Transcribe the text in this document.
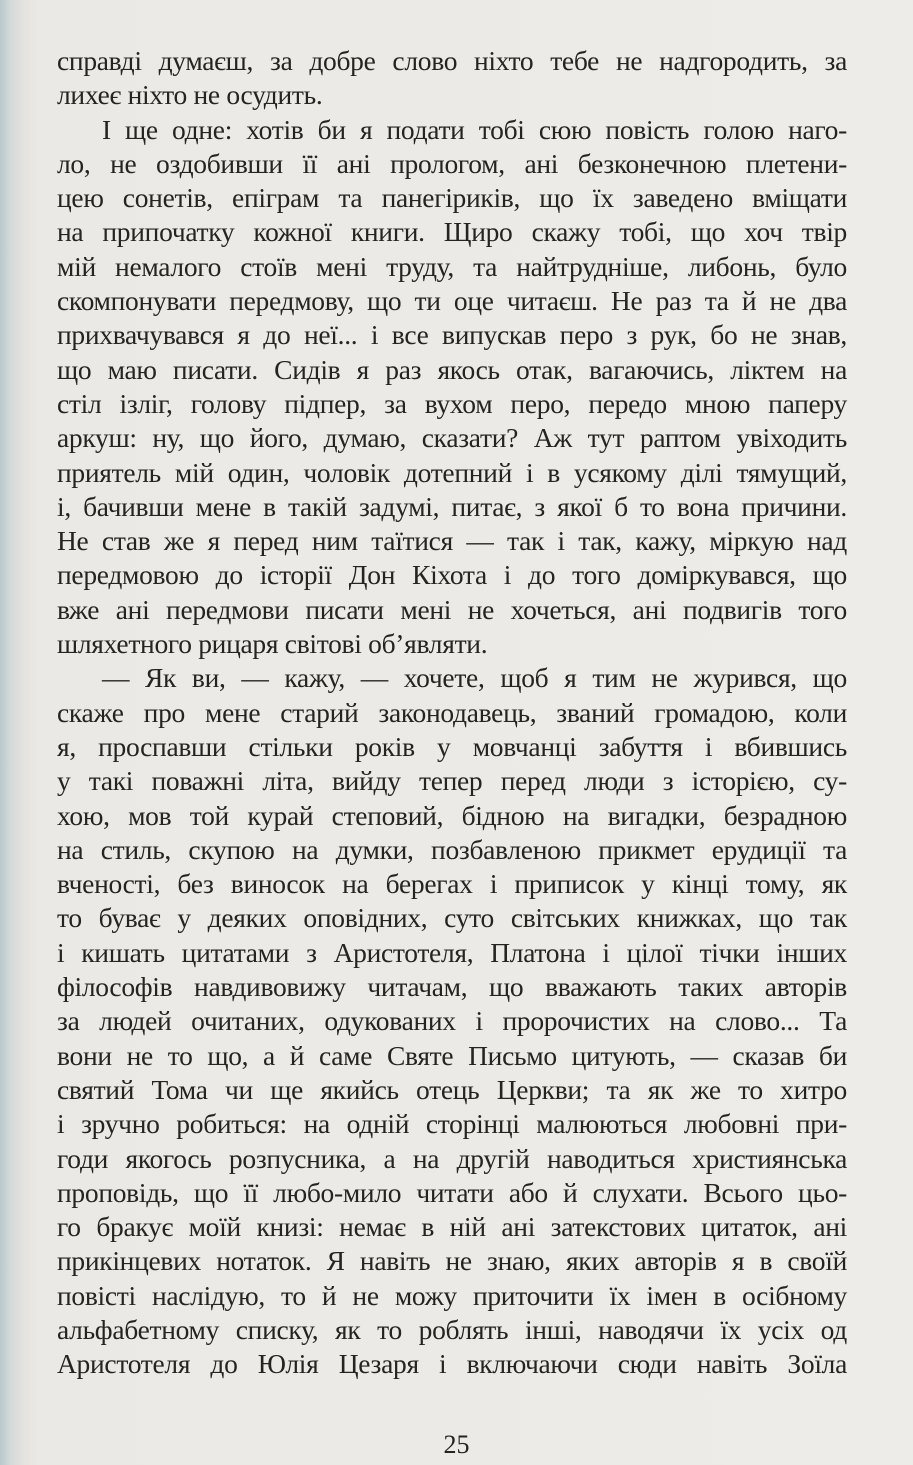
справді думаєш, за добре слово ніхто тебе не надгородить, за
лихеє ніхто не осудить.
І ще одне: хотів би я подати тобі сюю повість голою наго-
ло, не оздобивши її ані прологом, ані безконечною плетени-
цею сонетів, епіграм та панегіриків, що їх заведено вміщати
на припочатку кожної книги. Щиро скажу тобі, що хоч твір
мій немалого стоїв мені труду, та найтрудніше, либонь, було
скомпонувати передмову, що ти оце читаєш. Не раз та й не два
прихвачувався я до неї... і все випускав перо з рук, бо не знав,
що маю писати. Сидів я раз якось отак, вагаючись, ліктем на
стіл ізліг, голову підпер, за вухом перо, передо мною паперу
аркуш: ну, що його, думаю, сказати? Аж тут раптом увіходить
приятель мій один, чоловік дотепний і в усякому ділі тямущий,
і, бачивши мене в такій задумі, питає, з якої б то вона причини.
Не став же я перед ним таїтися — так і так, кажу, міркую над
передмовою до історії Дон Кіхота і до того доміркувався, що
вже ані передмови писати мені не хочеться, ані подвигів того
шляхетного рицаря світові об’являти.
— Як ви, — кажу, — хочете, щоб я тим не журився, що
скаже про мене старий законодавець, званий громадою, коли
я, проспавши стільки років у мовчанці забуття і вбившись
у такі поважні літа, вийду тепер перед люди з історією, су-
хою, мов той курай степовий, бідною на вигадки, безрадною
на стиль, скупою на думки, позбавленою прикмет ерудиції та
вченості, без виносок на берегах і приписок у кінці тому, як
то буває у деяких оповідних, суто світських книжках, що так
і кишать цитатами з Аристотеля, Платона і цілої тічки інших
філософів навдивовижу читачам, що вважають таких авторів
за людей очитаних, одукованих і пророчистих на слово... Та
вони не то що, а й саме Святе Письмо цитують, — сказав би
святий Тома чи ще якийсь отець Церкви; та як же то хитро
і зручно робиться: на одній сторінці малюються любовні при-
годи якогось розпусника, а на другій наводиться християнська
проповідь, що її любо-мило читати або й слухати. Всього цьо-
го бракує моїй книзі: немає в ній ані затекстових цитаток, ані
прикінцевих нотаток. Я навіть не знаю, яких авторів я в своїй
повісті наслідую, то й не можу приточити їх імен в осібному
альфабетному списку, як то роблять інші, наводячи їх усіх од
Аристотеля до Юлія Цезаря і включаючи сюди навіть Зоїла
25
